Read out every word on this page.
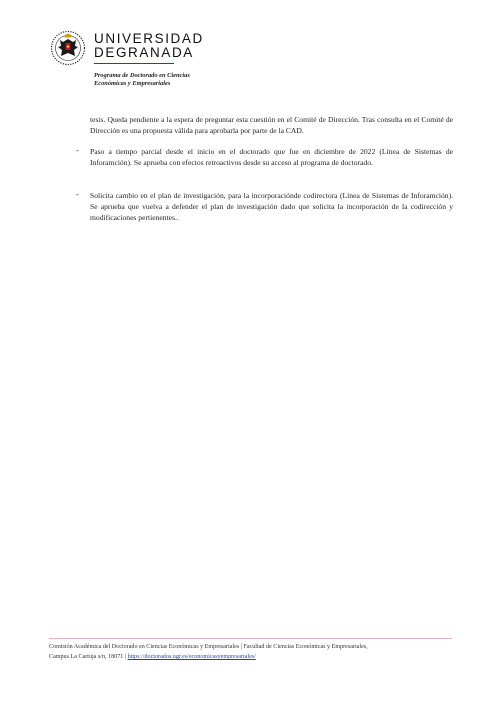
UNIVERSIDAD
DEGRANADA
Programa de Doctorado en Ciencias
Económicas y Empresariales
tesis. Queda pendiente a la espera de preguntar esta cuestión en el Comité de Dirección. Tras consulta en el Comité de Dirección es una propuesta válida para aprobarla por parte de la CAD.
- Paso a tiempo parcial desde el inicio en el doctorado que fue en diciembre de 2022 (Línea de Sistemas de Inforamción). Se aprueba con efectos retroactivos desde su acceso al programa de doctorado.
- Solicita cambio en el plan de investigación, para la incorporaciónde codirectora (Línea de Sistemas de Inforamción). Se aprueba que vuelva a defender el plan de investigación dado que solicita la incorporación de la codirección y modificaciones pertienentes..
Comisión Académica del Doctorado en Ciencias Económicas y Empresariales | Facultad de Ciencias Económicas y Empresariales,
Campus La Cartuja s/n, 18071 | https://doctorados.ugr.es/economicasyempresariales/
